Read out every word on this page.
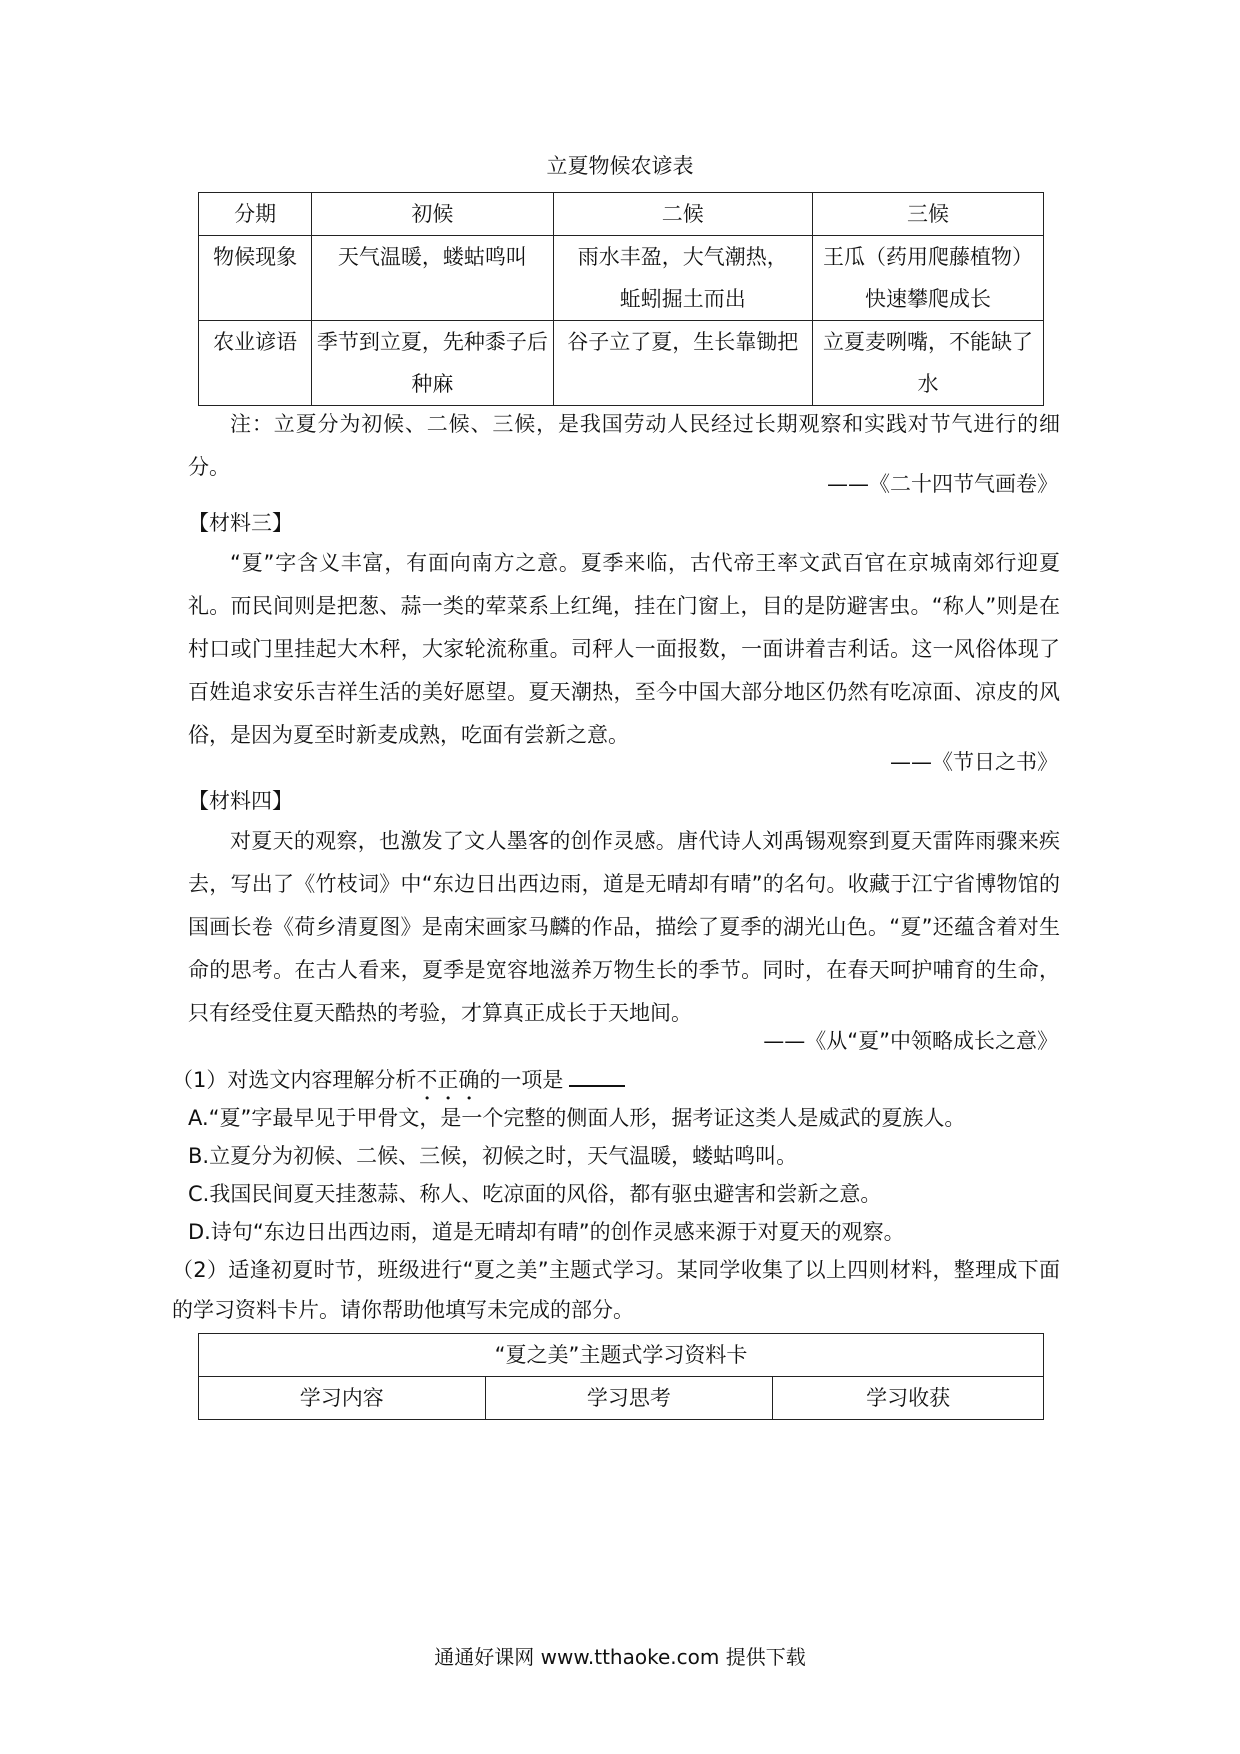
立夏物候农谚表
分期	初候	二候	三候

物候现象	天气温暖，蝼蛄鸣叫	雨水丰盈，大气潮热，蚯蚓掘土而出	王瓜（药用爬藤植物）快速攀爬成长

农业谚语	季节到立夏，先种黍子后种麻	谷子立了夏，生长靠锄把	立夏麦咧嘴，不能缺了水
注：立夏分为初候、二候、三候，是我国劳动人民经过长期观察和实践对节气进行的细分。
——《二十四节气画卷》
【材料三】
“夏”字含义丰富，有面向南方之意。夏季来临，古代帝王率文武百官在京城南郊行迎夏礼。而民间则是把葱、蒜一类的荤菜系上红绳，挂在门窗上，目的是防避害虫。“称人”则是在村口或门里挂起大木秤，大家轮流称重。司秤人一面报数，一面讲着吉利话。这一风俗体现了百姓追求安乐吉祥生活的美好愿望。夏天潮热，至今中国大部分地区仍然有吃凉面、凉皮的风俗，是因为夏至时新麦成熟，吃面有尝新之意。
——《节日之书》
【材料四】
对夏天的观察，也激发了文人墨客的创作灵感。唐代诗人刘禹锡观察到夏天雷阵雨骤来疾去，写出了《竹枝词》中“东边日出西边雨，道是无晴却有晴”的名句。收藏于江宁省博物馆的国画长卷《荷乡清夏图》是南宋画家马麟的作品，描绘了夏季的湖光山色。“夏”还蕴含着对生命的思考。在古人看来，夏季是宽容地滋养万物生长的季节。同时，在春天呵护哺育的生命，只有经受住夏天酷热的考验，才算真正成长于天地间。
——《从“夏”中领略成长之意》
（1）对选文内容理解分析不正确的一项是
A.“夏”字最早见于甲骨文，是一个完整的侧面人形，据考证这类人是威武的夏族人。
B.立夏分为初候、二候、三候，初候之时，天气温暖，蝼蛄鸣叫。
C.我国民间夏天挂葱蒜、称人、吃凉面的风俗，都有驱虫避害和尝新之意。
D.诗句“东边日出西边雨，道是无晴却有晴”的创作灵感来源于对夏天的观察。
（2）适逢初夏时节，班级进行“夏之美”主题式学习。某同学收集了以上四则材料，整理成下面的学习资料卡片。请你帮助他填写未完成的部分。
“夏之美”主题式学习资料卡

学习内容	学习思考	学习收获
通通好课网 www.tthaoke.com 提供下载
